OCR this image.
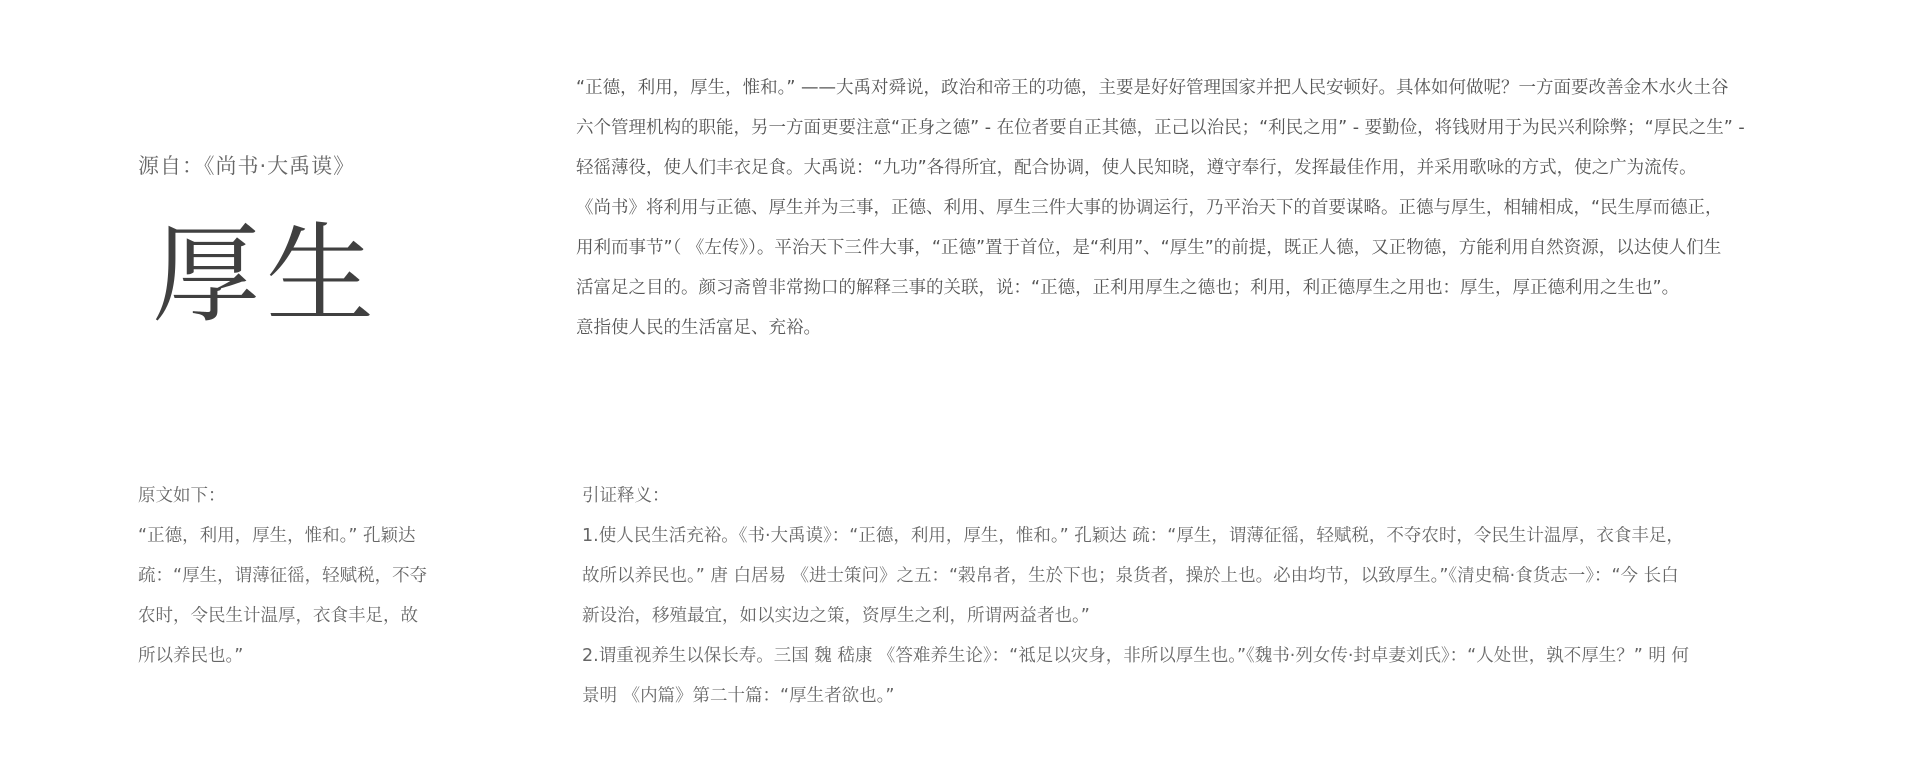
源自：《尚书·大禹谟》
厚生
“正德，利用，厚生，惟和。” ——大禹对舜说，政治和帝王的功德，主要是好好管理国家并把人民安顿好。具体如何做呢？一方面要改善金木水火土谷
六个管理机构的职能，另一方面更要注意“正身之德” - 在位者要自正其德，正己以治民；“利民之用” - 要勤俭，将钱财用于为民兴利除弊；“厚民之生” -
轻徭薄役，使人们丰衣足食。大禹说：“九功”各得所宜，配合协调，使人民知晓，遵守奉行，发挥最佳作用，并采用歌咏的方式，使之广为流传。
《尚书》将利用与正德、厚生并为三事，正德、利用、厚生三件大事的协调运行，乃平治天下的首要谋略。正德与厚生，相辅相成，“民生厚而德正，
用利而事节”（ 《左传》）。平治天下三件大事，“正德”置于首位，是“利用”、“厚生”的前提，既正人德，又正物德，方能利用自然资源，以达使人们生
活富足之目的。颜习斋曾非常拗口的解释三事的关联，说：“正德，正利用厚生之德也；利用，利正德厚生之用也：厚生，厚正德利用之生也”。
意指使人民的生活富足、充裕。
原文如下：
“正德，利用，厚生，惟和。” 孔颖达
疏：“厚生，谓薄征徭，轻赋税，不夺
农时，令民生计温厚，衣食丰足，故
所以养民也。”
引证释义：
1.使人民生活充裕。《书·大禹谟》：“正德，利用，厚生，惟和。” 孔颖达 疏：“厚生，谓薄征徭，轻赋税，不夺农时，令民生计温厚，衣食丰足，
故所以养民也。” 唐 白居易 《进士策问》之五：“榖帛者，生於下也；泉货者，操於上也。必由均节，以致厚生。”《清史稿·食货志一》：“今 长白
新设治，移殖最宜，如以实边之策，资厚生之利，所谓两益者也。”
2.谓重视养生以保长寿。三国 魏 嵇康 《答难养生论》：“祗足以灾身，非所以厚生也。”《魏书·列女传·封卓妻刘氏》：“人处世，孰不厚生？” 明 何
景明 《内篇》第二十篇：“厚生者欲也。”
